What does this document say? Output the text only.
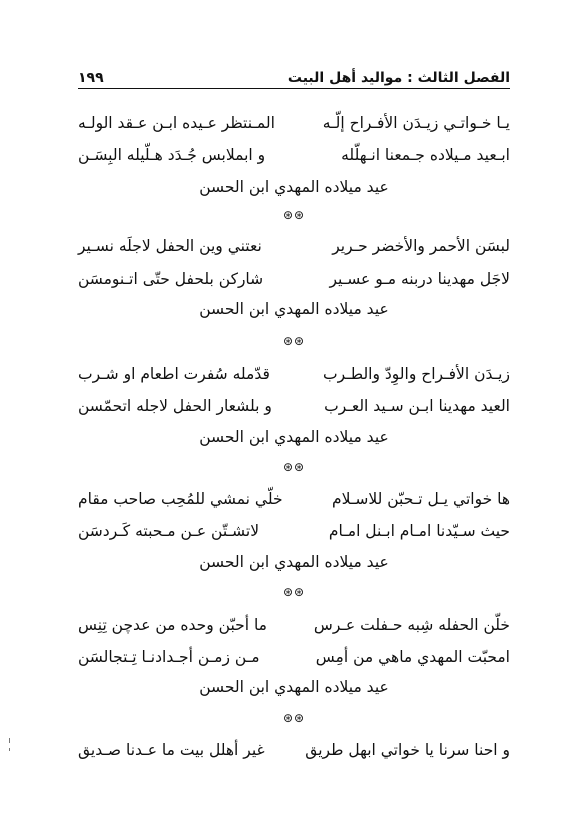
الفصل الثالث : مواليد أهل البيت
١٩٩
يـا خـواتـي زيـدَن الأفـراح إلّـه
المـنتظر عـيده ابـن عـقد الولـه
ابـعيد مـيلاده جـمعنا انـهلّله
و ابملابس جُـدَد هـلّيله البِسَـن
عيد ميلاده المهدي ابن الحسن
⊛⊛
لبسَن الأحمر والأخضر حـرير
نعتني وين الحفل لاجلَه نسـير
لاجَل مهدينا دربنه مـو عسـير
شاركن بلحفل حتّى اتـنومسَن
عيد ميلاده المهدي ابن الحسن
⊛⊛
زيـدَن الأفـراح والوِدّ والطـرب
قدّمله سُفرت اطعام او شـرب
العيد مهدينا ابـن سـيد العـرب
و بلشعار الحفل لاجله اتحمّسن
عيد ميلاده المهدي ابن الحسن
⊛⊛
ها خواتي يـل تـحبّن للاسـلام
خلّي نمشي للمُحِب صاحب مقام
حيث سـيّدنا امـام ابـنل امـام
لاتشـتّن عـن مـحبته كَـردسَن
عيد ميلاده المهدي ابن الحسن
⊛⊛
خلّن الحفله شِبه حـفلت عـرس
ما أحبّن وحده من عدچن تِنِس
امحبّت المهدي ماهي من أمِس
مـن زمـن أجـدادنـا تِـتجالسَن
عيد ميلاده المهدي ابن الحسن
⊛⊛
و احنا سرنا يا خواتي ابهل طريق
غير أهلل بيت ما عـدنا صـديق
